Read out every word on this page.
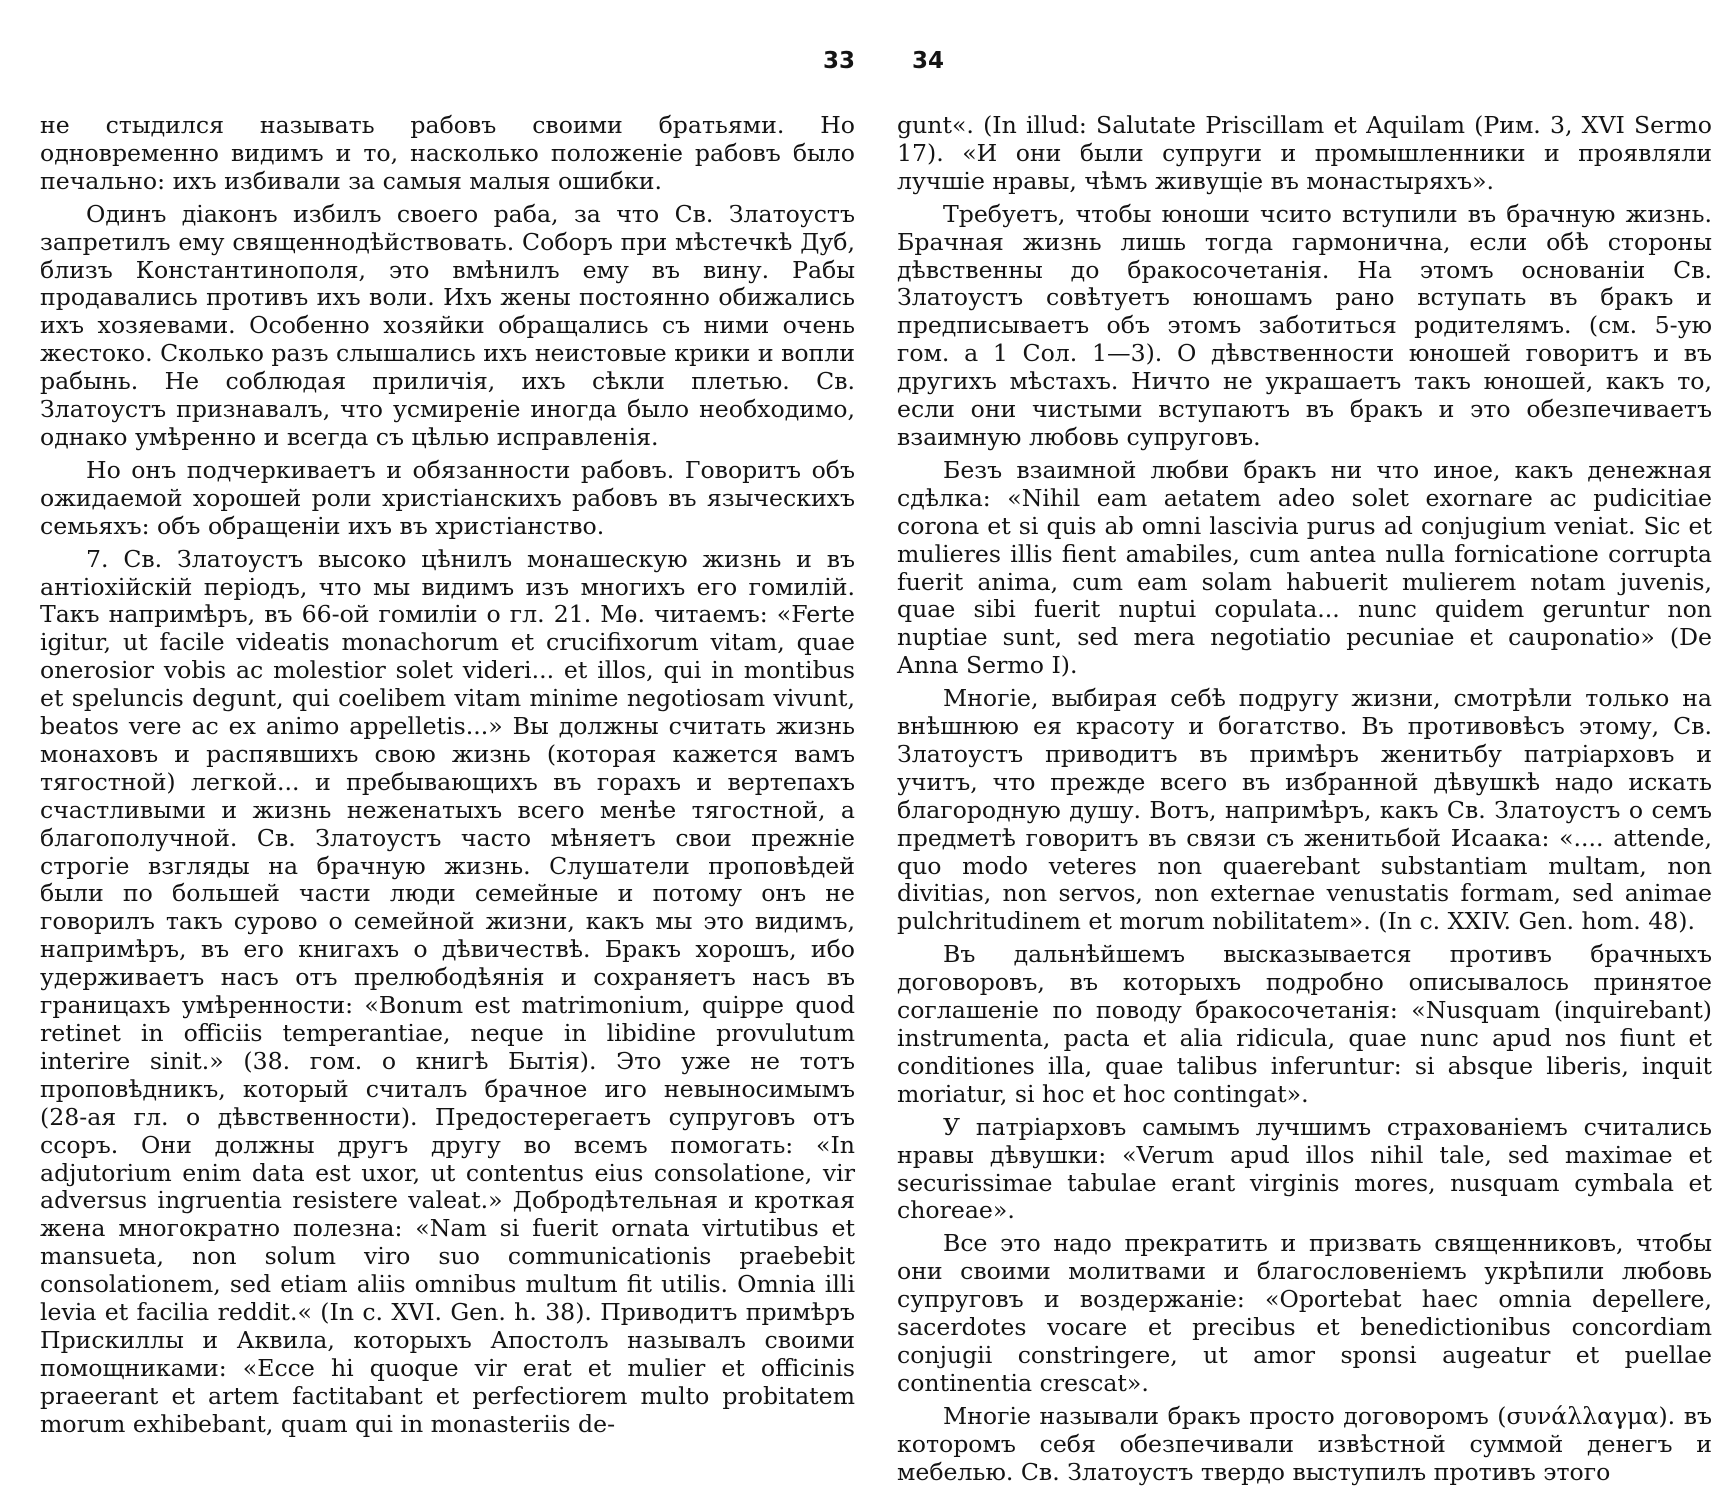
33

не стыдился называть рабовъ своими братьями. Но одновременно видимъ и то, насколько положеніе рабовъ было печально: ихъ избивали за самыя малыя ошибки.

Одинъ діаконъ избилъ своего раба, за что Св. Златоустъ запретилъ ему священнодѣйствовать. Соборъ при мѣстечкѣ Дуб, близъ Константинополя, это вмѣнилъ ему въ вину. Рабы продавались противъ ихъ воли. Ихъ жены постоянно обижались ихъ хозяевами. Особенно хозяйки обращались съ ними очень жестоко. Сколько разъ слышались ихъ неистовые крики и вопли рабынь. Не соблюдая приличія, ихъ сѣкли плетью. Св. Златоустъ признавалъ, что усмиреніе иногда было необходимо, однако умѣренно и всегда съ цѣлью исправленія.

Но онъ подчеркиваетъ и обязанности рабовъ. Говоритъ объ ожидаемой хорошей роли христіанскихъ рабовъ въ языческихъ семьяхъ: объ обращеніи ихъ въ христіанство.

7. Св. Златоустъ высоко цѣнилъ монашескую жизнь и въ антіохійскій періодъ, что мы видимъ изъ многихъ его гомилій. Такъ напримѣръ, въ 66-ой гомиліи о гл. 21. Мѳ. читаемъ: «Ferte igitur, ut facile videatis monachorum et crucifixorum vitam, quae onerosior vobis ac molestior solet videri... et illos, qui in montibus et speluncis degunt, qui coelibem vitam minime negotiosam vivunt, beatos vere ac ex animo appelletis...» Вы должны считать жизнь монаховъ и распявшихъ свою жизнь (которая кажется вамъ тягостной) легкой... и пребывающихъ въ горахъ и вертепахъ счастливыми и жизнь неженатыхъ всего менѣе тягостной, а благополучной. Св. Златоустъ часто мѣняетъ свои прежніе строгіе взгляды на брачную жизнь. Слушатели проповѣдей были по большей части люди семейные и потому онъ не говорилъ такъ сурово о семейной жизни, какъ мы это видимъ, напримѣръ, въ его книгахъ о дѣвичествѣ. Бракъ хорошъ, ибо удерживаетъ насъ отъ прелюбодѣянія и сохраняетъ насъ въ границахъ умѣренности: «Bonum est matrimonium, quippe quod retinet in officiis temperantiae, neque in libidine provulutum interire sinit.» (38. гом. о книгѣ Бытія). Это уже не тотъ проповѣдникъ, который считалъ брачное иго невыносимымъ (28-ая гл. о дѣвственности). Предостерегаетъ супруговъ отъ ссоръ. Они должны другъ другу во всемъ помогать: «In adjutorium enim data est uxor, ut contentus eius consolatione, vir adversus ingruentia resistere valeat.» Добродѣтельная и кроткая жена многократно полезна: «Nam si fuerit ornata virtutibus et mansueta, non solum viro suo communicationis praebebit consolationem, sed etiam aliis omnibus multum fit utilis. Omnia illi levia et facilia reddit.« (In c. XVI. Gen. h. 38). Приводитъ примѣръ Прискиллы и Аквила, которыхъ Апостолъ называлъ своими помощниками: «Ecce hi quoque vir erat et mulier et officinis praeerant et artem factitabant et perfectiorem multo probitatem morum exhibebant, quam qui in monasteriis de-

34

gunt«. (In illud: Salutate Priscillam et Aquilam (Рим. 3, XVI Sermo 17). «И они были супруги и промышленники и проявляли лучшіе нравы, чѣмъ живущіе въ монастыряхъ».

Требуетъ, чтобы юноши чсито вступили въ брачную жизнь. Брачная жизнь лишь тогда гармонична, если обѣ стороны дѣвственны до бракосочетанія. На этомъ основаніи Св. Златоустъ совѣтуетъ юношамъ рано вступать въ бракъ и предписываетъ объ этомъ заботиться родителямъ. (см. 5-ую гом. а 1 Сол. 1—3). О дѣвственности юношей говоритъ и въ другихъ мѣстахъ. Ничто не украшаетъ такъ юношей, какъ то, если они чистыми вступаютъ въ бракъ и это обезпечиваетъ взаимную любовь супруговъ.

Безъ взаимной любви бракъ ни что иное, какъ денежная сдѣлка: «Nihil eam aetatem adeo solet exornare ac pudicitiae corona et si quis ab omni lascivia purus ad conjugium veniat. Sic et mulieres illis fient amabiles, cum antea nulla fornicatione corrupta fuerit anima, cum eam solam habuerit mulierem notam juvenis, quae sibi fuerit nuptui copulata... nunc quidem geruntur non nuptiae sunt, sed mera negotiatio pecuniae et cauponatio» (De Anna Sermo I).

Многіе, выбирая себѣ подругу жизни, смотрѣли только на внѣшнюю ея красоту и богатство. Въ противовѣсъ этому, Св. Златоустъ приводитъ въ примѣръ женитьбу патріарховъ и учитъ, что прежде всего въ избранной дѣвушкѣ надо искать благородную душу. Вотъ, напримѣръ, какъ Св. Златоустъ о семъ предметѣ говоритъ въ связи съ женитьбой Исаака: «.... attende, quo modo veteres non quaerebant substantiam multam, non divitias, non servos, non externae venustatis formam, sed animae pulchritudinem et morum nobilitatem». (In c. XXIV. Gen. hom. 48).

Въ дальнѣйшемъ высказывается противъ брачныхъ договоровъ, въ которыхъ подробно описывалось принятое соглашеніе по поводу бракосочетанія: «Nusquam (inquirebant) instrumenta, pacta et alia ridicula, quae nunc apud nos fiunt et conditiones illa, quae talibus inferuntur: si absque liberis, inquit moriatur, si hoc et hoc contingat».

У патріарховъ самымъ лучшимъ страхованіемъ считались нравы дѣвушки: «Verum apud illos nihil tale, sed maximae et securissimae tabulae erant virginis mores, nusquam cymbala et choreae».

Все это надо прекратить и призвать священниковъ, чтобы они своими молитвами и благословеніемъ укрѣпили любовь супруговъ и воздержаніе: «Oportebat haec omnia depellere, sacerdotes vocare et precibus et benedictionibus concordiam conjugii constringere, ut amor sponsi augeatur et puellae continentia crescat».

Многіе называли бракъ просто договоромъ (συνάλλαγμα). въ которомъ себя обезпечивали извѣстной суммой денегъ и мебелью. Св. Златоустъ твердо выступилъ противъ этого
